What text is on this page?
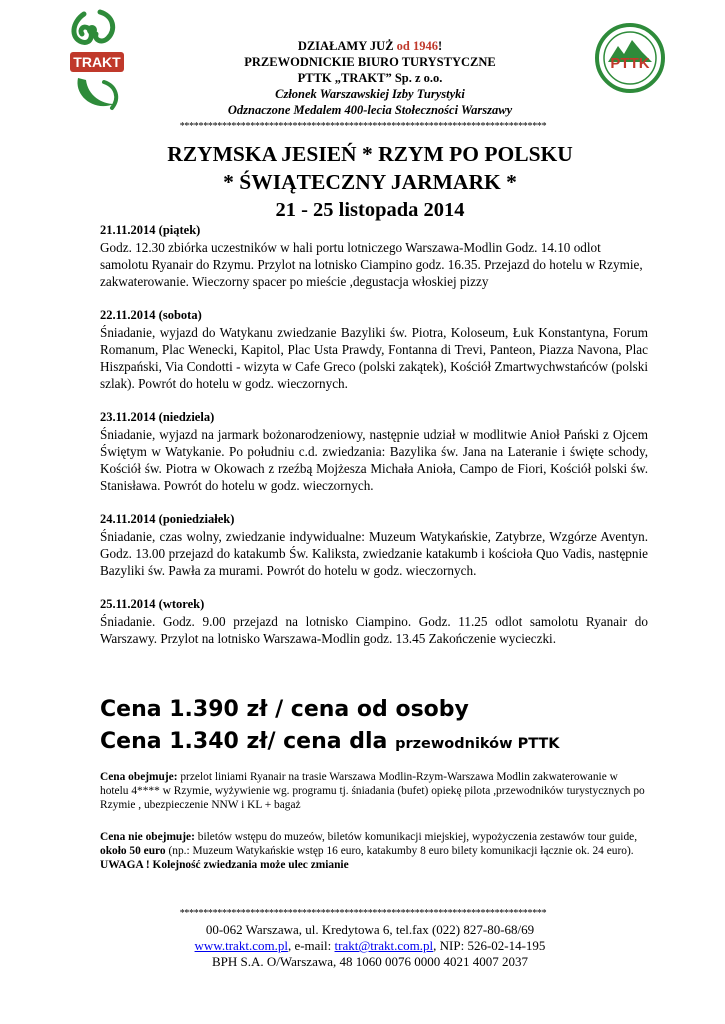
TRAKT	PTTK
DZIAŁAMY JUŻ od 1946!
PRZEWODNICKIE BIURO TURYSTYCZNE
PTTK „TRAKT” Sp. z o.o.
Członek Warszawskiej Izby Turystyki
Odznaczone Medalem 400-lecia Stołeczności Warszawy
******************************************************************************
RZYMSKA JESIEŃ * RZYM PO POLSKU
* ŚWIĄTECZNY JARMARK *
21 - 25 listopada 2014
21.11.2014 (piątek)

Godz. 12.30 zbiórka uczestników w hali portu lotniczego Warszawa-Modlin Godz. 14.10 odlot samolotu Ryanair do Rzymu. Przylot na lotnisko Ciampino godz. 16.35. Przejazd do hotelu w Rzymie, zakwaterowanie. Wieczorny spacer po mieście ,degustacja włoskiej pizzy

22.11.2014 (sobota)

Śniadanie, wyjazd do Watykanu zwiedzanie Bazyliki św. Piotra, Koloseum, Łuk Konstantyna, Forum Romanum, Plac Wenecki, Kapitol, Plac Usta Prawdy, Fontanna di Trevi, Panteon, Piazza Navona, Plac Hiszpański, Via Condotti - wizyta w Cafe Greco (polski zakątek), Kościół Zmartwychwstańców (polski szlak). Powrót do hotelu w godz. wieczornych.

23.11.2014 (niedziela)

Śniadanie, wyjazd na jarmark bożonarodzeniowy, następnie udział w modlitwie Anioł Pański z Ojcem Świętym w Watykanie. Po południu c.d. zwiedzania: Bazylika św. Jana na Lateranie i święte schody, Kościół św. Piotra w Okowach z rzeźbą Mojżesza Michała Anioła, Campo de Fiori, Kościół polski św. Stanisława. Powrót do hotelu w godz. wieczornych.

24.11.2014 (poniedziałek)

Śniadanie, czas wolny, zwiedzanie indywidualne: Muzeum Watykańskie, Zatybrze, Wzgórze Aventyn. Godz. 13.00 przejazd do katakumb Św. Kaliksta, zwiedzanie katakumb i kościoła Quo Vadis, następnie Bazyliki św. Pawła za murami. Powrót do hotelu w godz. wieczornych.

25.11.2014 (wtorek)

Śniadanie. Godz. 9.00 przejazd na lotnisko Ciampino. Godz. 11.25 odlot samolotu Ryanair do Warszawy. Przylot na lotnisko Warszawa-Modlin godz. 13.45 Zakończenie wycieczki.

Cena 1.390 zł / cena od osoby
Cena 1.340 zł/ cena dla przewodników PTTK
Cena obejmuje: przelot liniami Ryanair na trasie Warszawa Modlin-Rzym-Warszawa Modlin zakwaterowanie w hotelu 4**** w Rzymie, wyżywienie wg. programu tj. śniadania (bufet) opiekę pilota ,przewodników turystycznych po Rzymie , ubezpieczenie NNW i KL + bagaż
Cena nie obejmuje: biletów wstępu do muzeów, biletów komunikacji miejskiej, wypożyczenia zestawów tour guide, około 50 euro (np.: Muzeum Watykańskie wstęp 16 euro, katakumby 8 euro bilety komunikacji łącznie ok. 24 euro).
UWAGA ! Kolejność zwiedzania może ulec zmianie
******************************************************************************
00-062 Warszawa, ul. Kredytowa 6, tel.fax (022) 827-80-68/69
www.trakt.com.pl, e-mail: trakt@trakt.com.pl, NIP: 526-02-14-195
BPH S.A. O/Warszawa, 48 1060 0076 0000 4021 4007 2037
